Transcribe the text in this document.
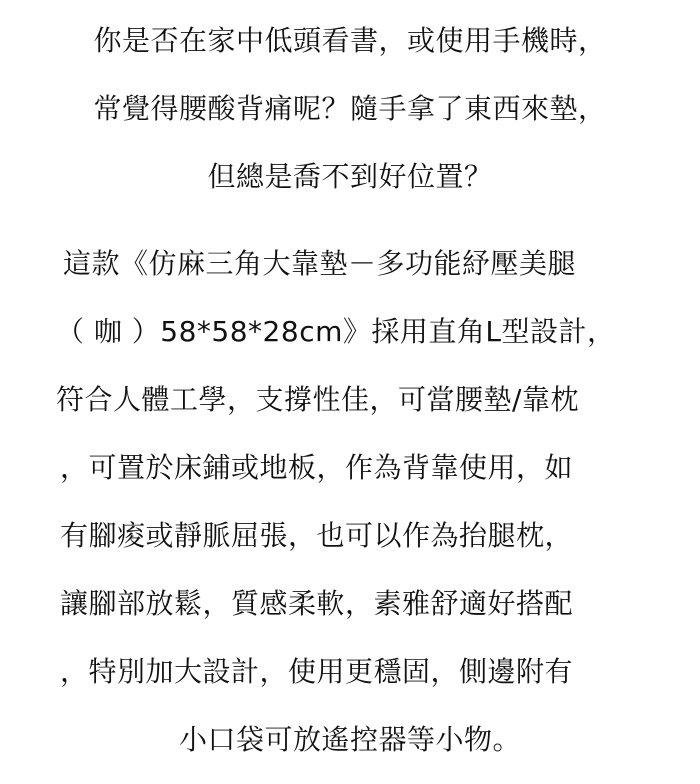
你是否在家中低頭看書，或使用手機時，
常覺得腰酸背痛呢？隨手拿了東西來墊，
但總是喬不到好位置？
這款《仿麻三角大靠墊－多功能紓壓美腿
（ 咖 ）58*58*28cm》採用直角L型設計，
符合人體工學，支撐性佳，可當腰墊/靠枕
，可置於床鋪或地板，作為背靠使用，如
有腳痠或靜脈屈張，也可以作為抬腿枕，
讓腳部放鬆，質感柔軟，素雅舒適好搭配
，特別加大設計，使用更穩固，側邊附有
小口袋可放遙控器等小物。
